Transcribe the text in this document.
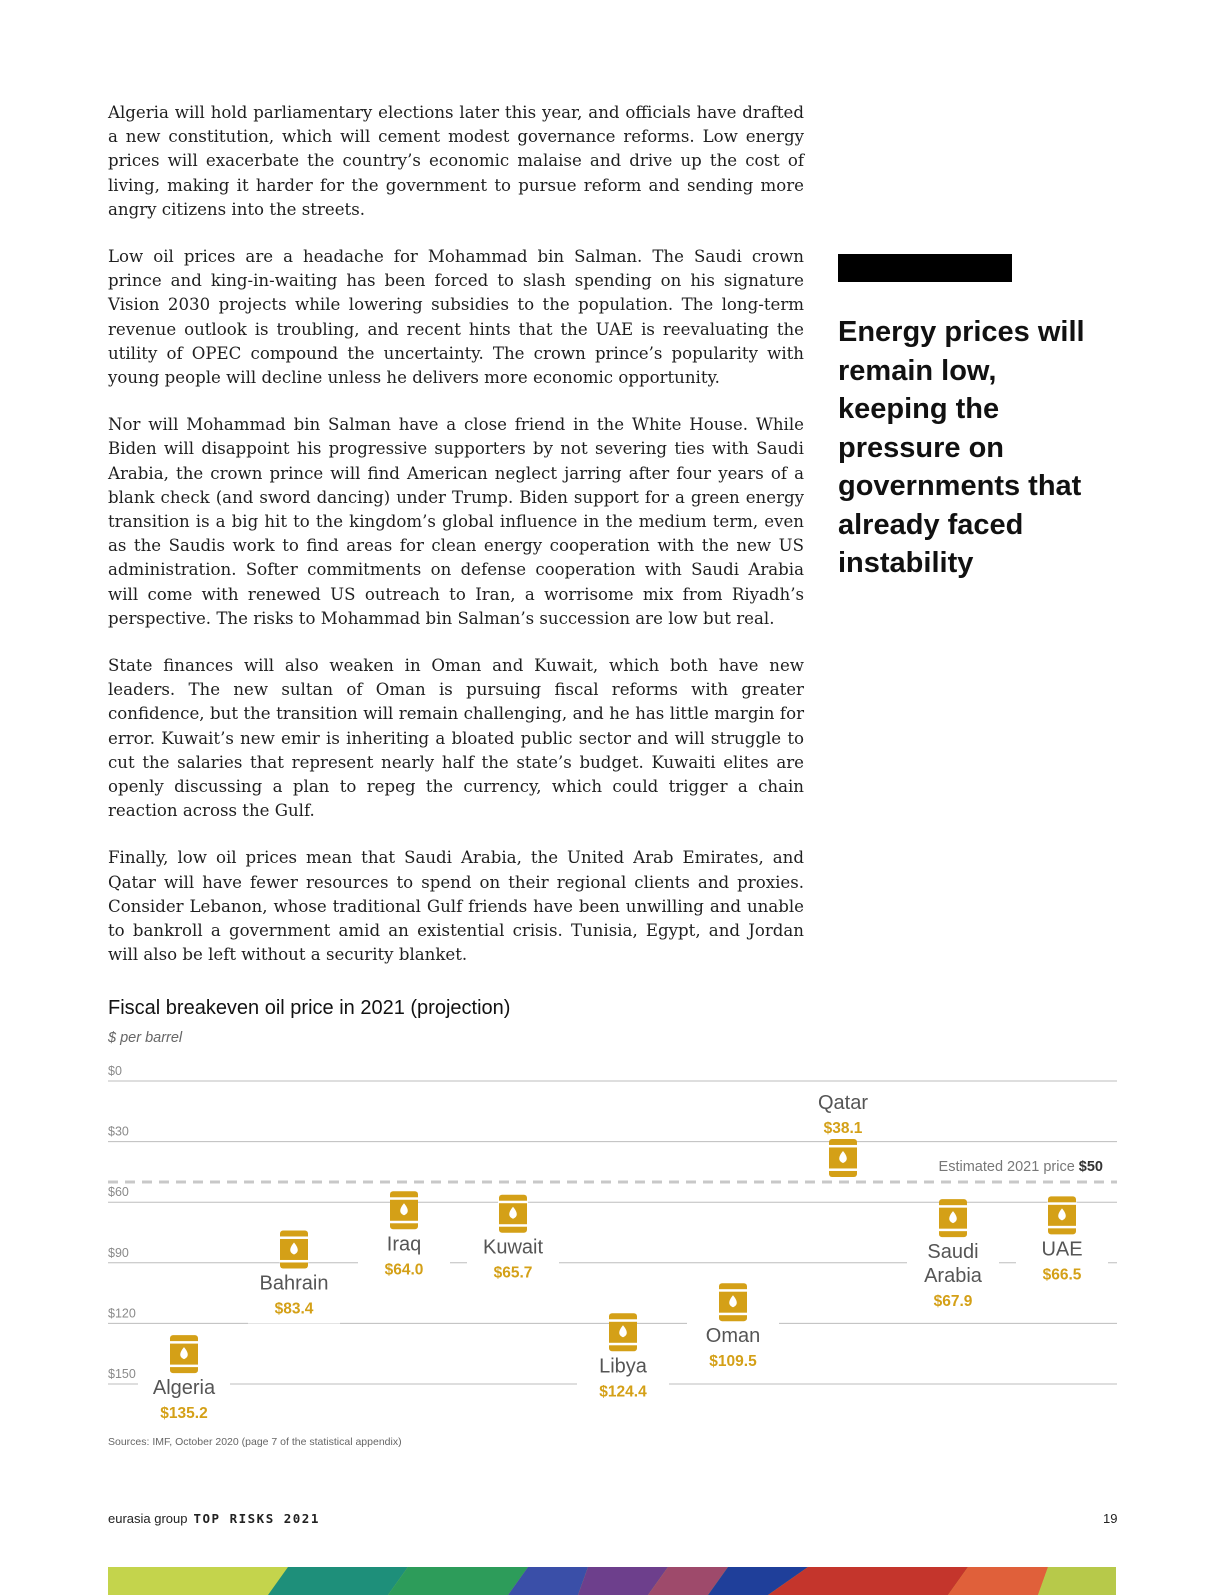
Algeria will hold parliamentary elections later this year, and officials have drafted a new constitution, which will cement modest governance reforms. Low energy prices will exacerbate the country’s economic malaise and drive up the cost of living, making it harder for the government to pursue reform and sending more angry citizens into the streets.

Low oil prices are a headache for Mohammad bin Salman. The Saudi crown prince and king-in-waiting has been forced to slash spending on his signature Vision 2030 projects while lowering subsidies to the population. The long-term revenue outlook is troubling, and recent hints that the UAE is reevaluating the utility of OPEC compound the uncertainty. The crown prince’s popularity with young people will decline unless he delivers more economic opportunity.

Nor will Mohammad bin Salman have a close friend in the White House. While Biden will disappoint his progressive supporters by not severing ties with Saudi Arabia, the crown prince will find American neglect jarring after four years of a blank check (and sword dancing) under Trump. Biden support for a green energy transition is a big hit to the kingdom’s global influence in the medium term, even as the Saudis work to find areas for clean energy cooperation with the new US administration. Softer commitments on defense cooperation with Saudi Arabia will come with renewed US outreach to Iran, a worrisome mix from Riyadh’s perspective. The risks to Mohammad bin Salman’s succession are low but real.

State finances will also weaken in Oman and Kuwait, which both have new leaders. The new sultan of Oman is pursuing fiscal reforms with greater confidence, but the transition will remain challenging, and he has little margin for error. Kuwait’s new emir is inheriting a bloated public sector and will struggle to cut the salaries that represent nearly half the state’s budget. Kuwaiti elites are openly discussing a plan to repeg the currency, which could trigger a chain reaction across the Gulf.

Finally, low oil prices mean that Saudi Arabia, the United Arab Emirates, and Qatar will have fewer resources to spend on their regional clients and proxies. Consider Lebanon, whose traditional Gulf friends have been unwilling and unable to bankroll a government amid an existential crisis. Tunisia, Egypt, and Jordan will also be left without a security blanket.

Energy prices will remain low, keeping the pressure on governments that already faced instability
Fiscal breakeven oil price in 2021 (projection)
$ per barrel
$0
$30
$60
$90
$120
$150
Estimated 2021 price $50
Algeria
$135.2
Bahrain
$83.4
Iraq
$64.0
Kuwait
$65.7
Libya
$124.4
Oman
$109.5
Qatar
$38.1
Saudi
Arabia
$67.9
UAE
$66.5
Sources: IMF, October 2020 (page 7 of the statistical appendix)
eurasia group TOP RISKS 2021	19
